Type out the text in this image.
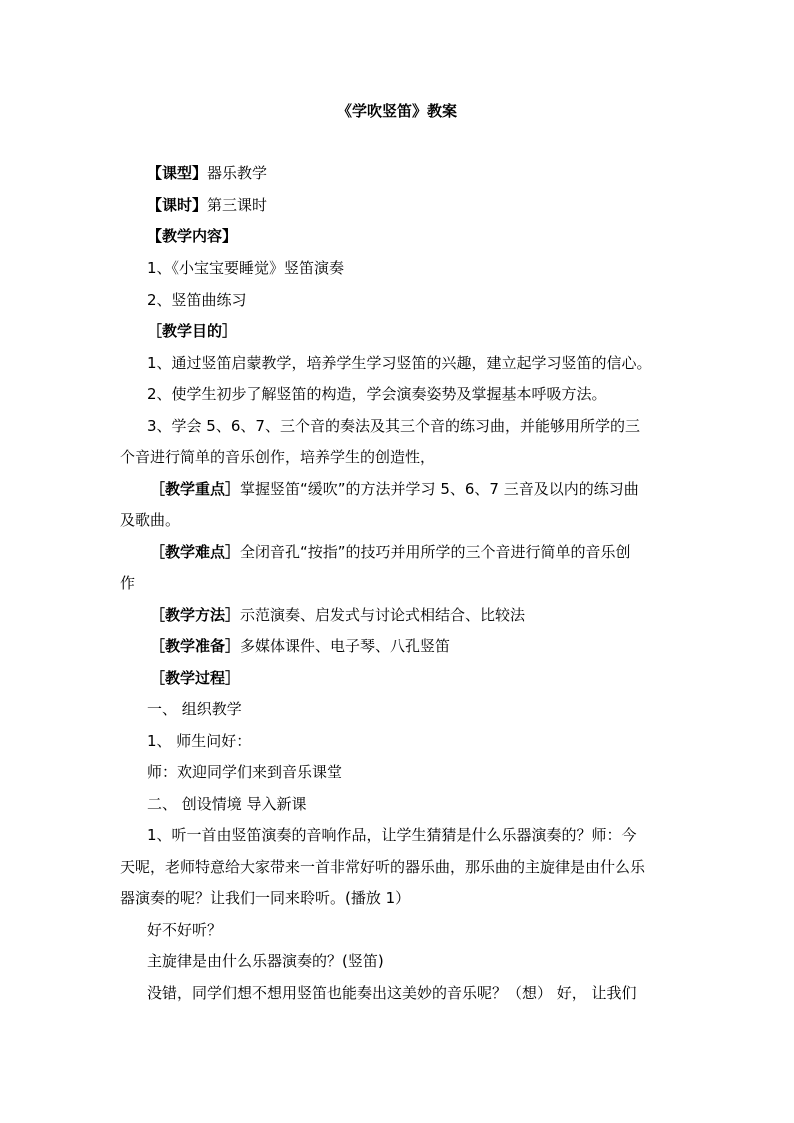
《学吹竖笛》教案
【课型】器乐教学
【课时】第三课时
【教学内容】
1、《小宝宝要睡觉》竖笛演奏
2、竖笛曲练习
［教学目的］
1、通过竖笛启蒙教学，培养学生学习竖笛的兴趣，建立起学习竖笛的信心。
2、使学生初步了解竖笛的构造，学会演奏姿势及掌握基本呼吸方法。
3、学会 5、6、7、三个音的奏法及其三个音的练习曲，并能够用所学的三
个音进行简单的音乐创作，培养学生的创造性，
［教学重点］掌握竖笛“缓吹”的方法并学习 5、6、7 三音及以内的练习曲
及歌曲。
［教学难点］全闭音孔“按指”的技巧并用所学的三个音进行简单的音乐创
作
［教学方法］示范演奏、启发式与讨论式相结合、比较法
［教学准备］多媒体课件、电子琴、八孔竖笛
［教学过程］
一、 组织教学
1、 师生问好：
师：欢迎同学们来到音乐课堂
二、 创设情境 导入新课
1、听一首由竖笛演奏的音响作品，让学生猜猜是什么乐器演奏的？师：今
天呢，老师特意给大家带来一首非常好听的器乐曲，那乐曲的主旋律是由什么乐
器演奏的呢？让我们一同来聆听。(播放 1）
好不好听？
主旋律是由什么乐器演奏的？(竖笛)
没错，同学们想不想用竖笛也能奏出这美妙的音乐呢？（想） 好， 让我们
